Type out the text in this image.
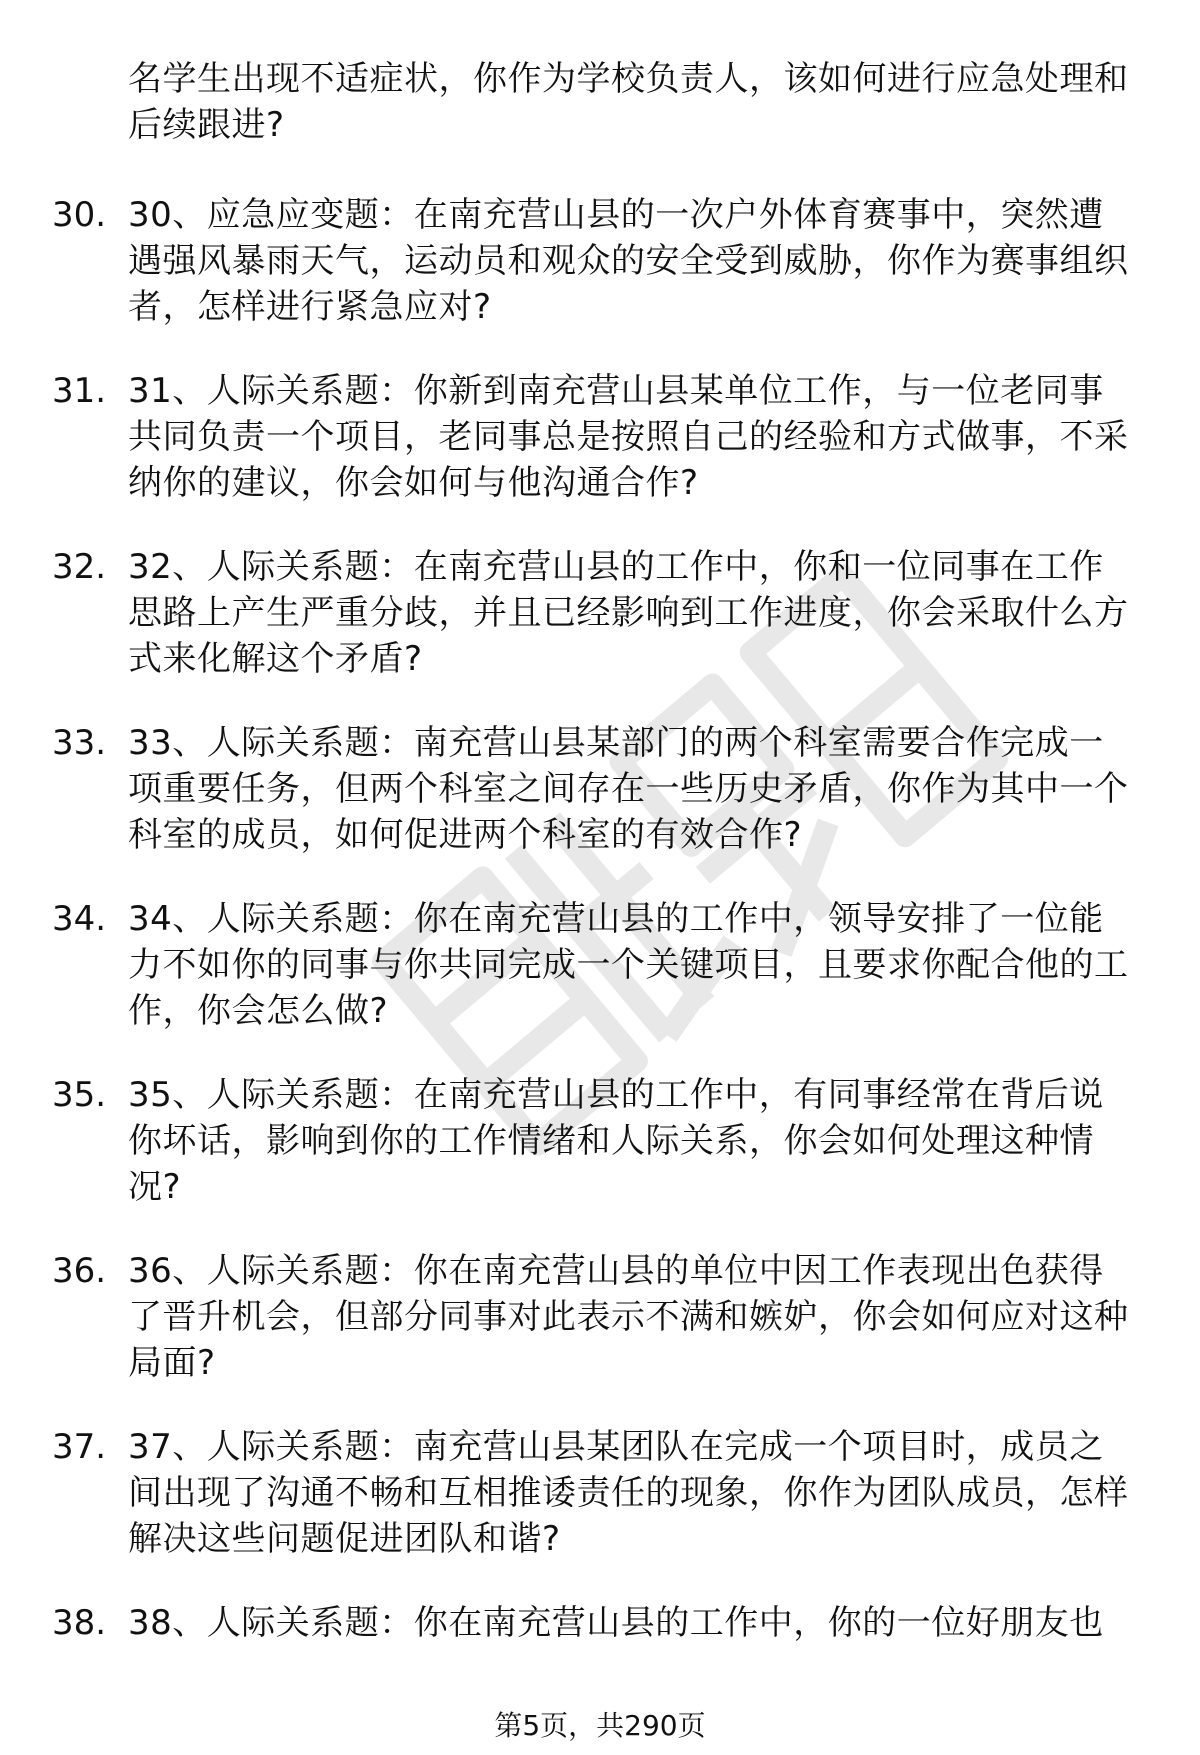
名学生出现不适症状，你作为学校负责人，该如何进行应急处理和后续跟进?
30. 30、应急应变题：在南充营山县的一次户外体育赛事中，突然遭遇强风暴雨天气，运动员和观众的安全受到威胁，你作为赛事组织者，怎样进行紧急应对?
31. 31、人际关系题：你新到南充营山县某单位工作，与一位老同事共同负责一个项目，老同事总是按照自己的经验和方式做事，不采纳你的建议，你会如何与他沟通合作?
32. 32、人际关系题：在南充营山县的工作中，你和一位同事在工作思路上产生严重分歧，并且已经影响到工作进度，你会采取什么方式来化解这个矛盾?
33. 33、人际关系题：南充营山县某部门的两个科室需要合作完成一项重要任务，但两个科室之间存在一些历史矛盾，你作为其中一个科室的成员，如何促进两个科室的有效合作?
34. 34、人际关系题：你在南充营山县的工作中，领导安排了一位能力不如你的同事与你共同完成一个关键项目，且要求你配合他的工作，你会怎么做?
35. 35、人际关系题：在南充营山县的工作中，有同事经常在背后说你坏话，影响到你的工作情绪和人际关系，你会如何处理这种情况?
36. 36、人际关系题：你在南充营山县的单位中因工作表现出色获得了晋升机会，但部分同事对此表示不满和嫉妒，你会如何应对这种局面?
37. 37、人际关系题：南充营山县某团队在完成一个项目时，成员之间出现了沟通不畅和互相推诿责任的现象，你作为团队成员，怎样解决这些问题促进团队和谐?
38. 38、人际关系题：你在南充营山县的工作中，你的一位好朋友也
第5页，共290页
